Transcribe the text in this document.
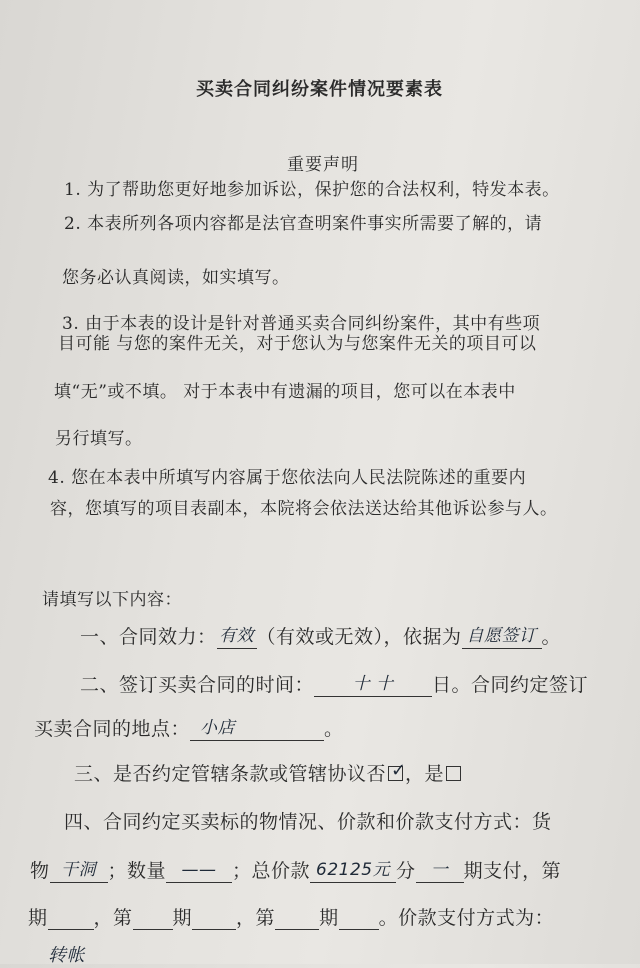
买卖合同纠纷案件情况要素表
重要声明
1. 为了帮助您更好地参加诉讼，保护您的合法权利，特发本表。
2. 本表所列各项内容都是法官查明案件事实所需要了解的，请
您务必认真阅读，如实填写。
3. 由于本表的设计是针对普通买卖合同纠纷案件，其中有些项
目可能 与您的案件无关，对于您认为与您案件无关的项目可以
填“无”或不填。 对于本表中有遗漏的项目，您可以在本表中
另行填写。
4. 您在本表中所填写内容属于您依法向人民法院陈述的重要内
容，您填写的项目表副本，本院将会依法送达给其他诉讼参与人。
请填写以下内容：
一、合同效力： 有效 （有效或无效），依据为 自愿签订 。
二、签订买卖合同的时间： 十 十日。合同约定签订
买卖合同的地点： 小店	。
三、是否约定管辖条款或管辖协议否 ✓
，是
四、合同约定买卖标的物情况、价款和价款支付方式：货
物 干洞 ；数量 —— ；总价款 62125元 分 一 期支付，第
期 ，第 期 ，第 期 。价款支付方式为：
转帐
